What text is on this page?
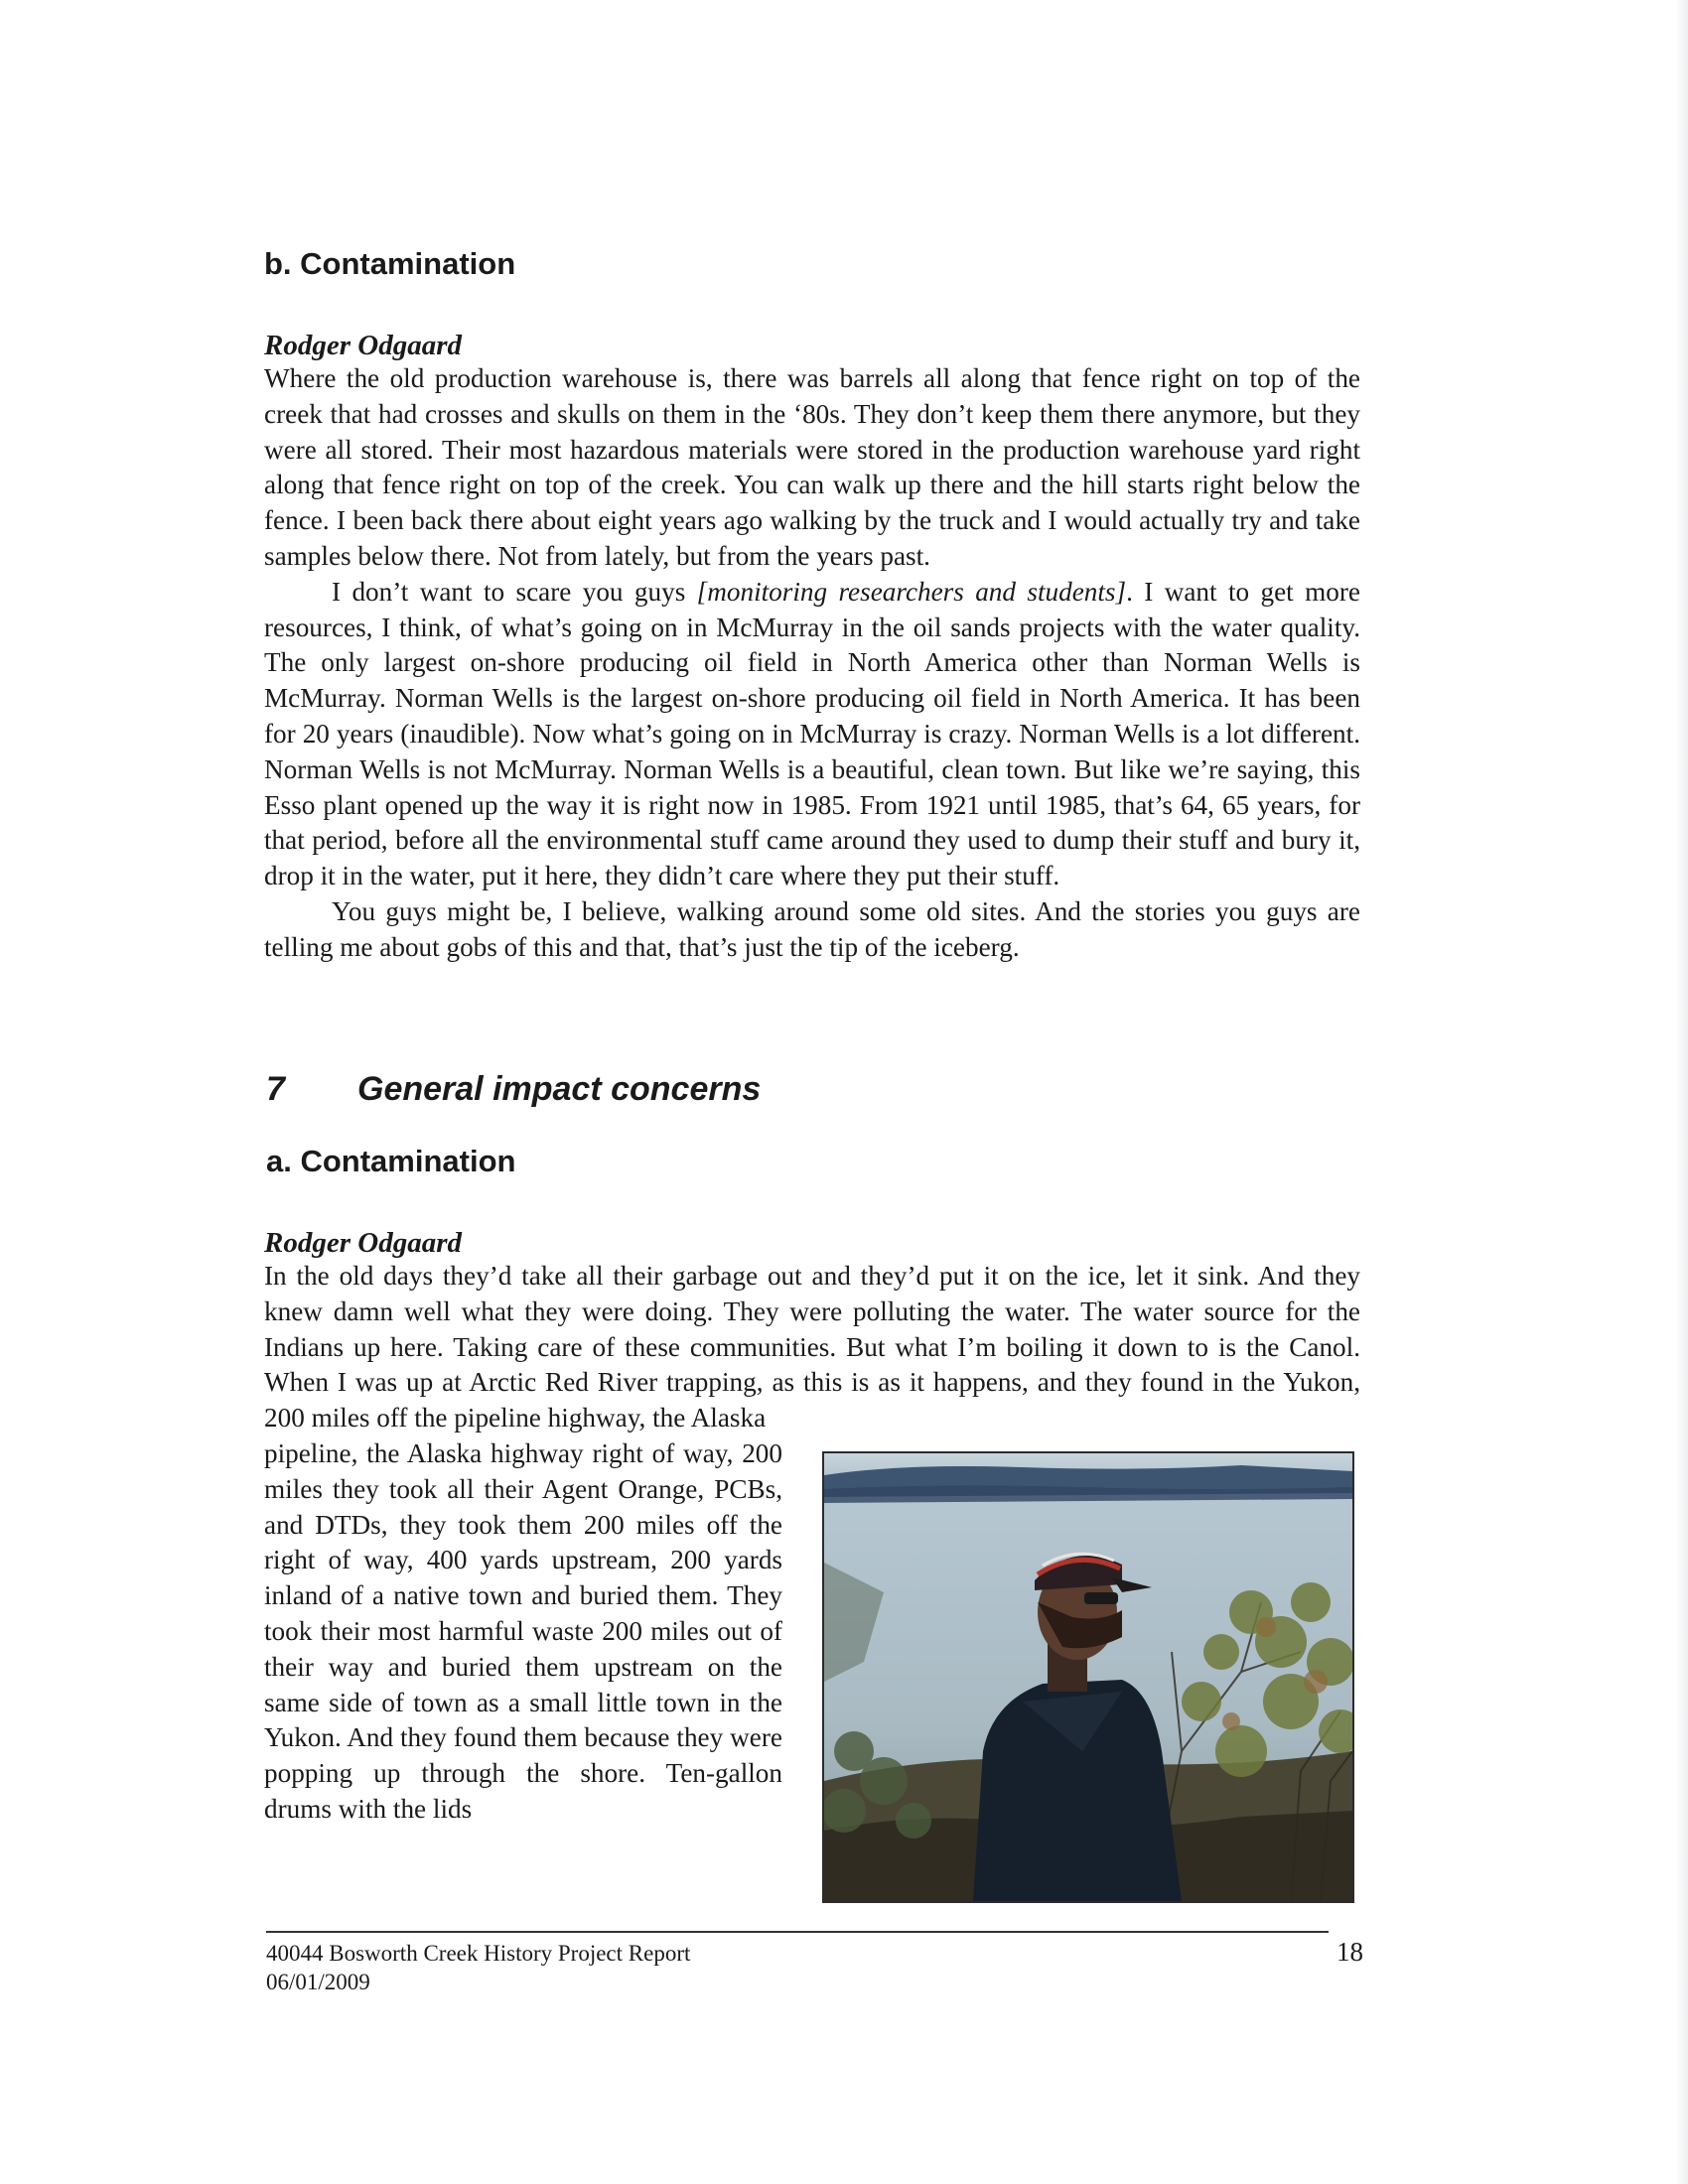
b. Contamination

Rodger Odgaard

Where the old production warehouse is, there was barrels all along that fence right on top of the creek that had crosses and skulls on them in the ‘80s. They don’t keep them there anymore, but they were all stored. Their most hazardous materials were stored in the production warehouse yard right along that fence right on top of the creek. You can walk up there and the hill starts right below the fence. I been back there about eight years ago walking by the truck and I would actually try and take samples below there. Not from lately, but from the years past.

I don’t want to scare you guys [monitoring researchers and students]. I want to get more resources, I think, of what’s going on in McMurray in the oil sands projects with the water quality. The only largest on-shore producing oil field in North America other than Norman Wells is McMurray. Norman Wells is the largest on-shore producing oil field in North America. It has been for 20 years (inaudible). Now what’s going on in McMurray is crazy. Norman Wells is a lot different. Norman Wells is not McMurray. Norman Wells is a beautiful, clean town. But like we’re saying, this Esso plant opened up the way it is right now in 1985. From 1921 until 1985, that’s 64, 65 years, for that period, before all the environmental stuff came around they used to dump their stuff and bury it, drop it in the water, put it here, they didn’t care where they put their stuff.

You guys might be, I believe, walking around some old sites. And the stories you guys are telling me about gobs of this and that, that’s just the tip of the iceberg.

7 General impact concerns
a. Contamination

Rodger Odgaard

In the old days they’d take all their garbage out and they’d put it on the ice, let it sink. And they knew damn well what they were doing. They were polluting the water. The water source for the Indians up here. Taking care of these communities. But what I’m boiling it down to is the Canol. When I was up at Arctic Red River trapping, as this is as it happens, and they found in the Yukon, 200 miles off the pipeline highway, the Alaska

pipeline, the Alaska highway right of way, 200 miles they took all their Agent Orange, PCBs, and DTDs, they took them 200 miles off the right of way, 400 yards upstream, 200 yards inland of a native town and buried them. They took their most harmful waste 200 miles out of their way and buried them upstream on the same side of town as a small little town in the Yukon. And they found them because they were popping up through the shore. Ten-gallon drums with the lids

40044 Bosworth Creek History Project Report
06/01/2009
18
